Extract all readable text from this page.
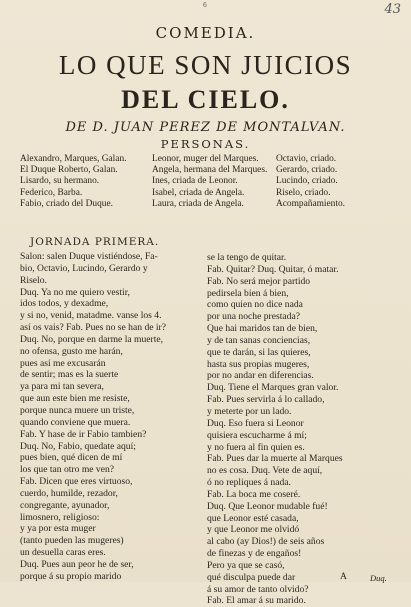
6	43
COMEDIA.
LO QUE SON JUICIOS
DEL CIELO.
DE D. JUAN PEREZ DE MONTALVAN.
PERSONAS.
Alexandro, Marques, Galan.
El Duque Roberto, Galan.
Lisardo, su hermano.
Federico, Barba.
Fabio, criado del Duque.
Leonor, muger del Marques.
Angela, hermana del Marques.
Ines, criada de Leonor.
Isabel, criada de Angela.
Laura, criada de Angela.
Octavio, criado.
Gerardo, criado.
Lucindo, criado.
Riselo, criado.
Acompañamiento.
JORNADA PRIMERA.
Salon: salen Duque vistiéndose, Fa-
bio, Octavio, Lucindo, Gerardo y
Riselo.
Duq. Ya no me quiero vestir,
idos todos, y dexadme,
y si no, venid, matadme. vanse los 4.
así os vais? Fab. Pues no se han de ir?
Duq. No, porque en darme la muerte,
no ofensa, gusto me harán,
pues así me excusarán
de sentir; mas es la suerte
ya para mi tan severa,
que aun este bien me resiste,
porque nunca muere un triste,
quando conviene que muera.
Fab. Y hase de ir Fabio tambien?
Duq. No, Fabio, quedate aquí;
pues bien, qué dicen de mí
los que tan otro me ven?
Fab. Dicen que eres virtuoso,
cuerdo, humilde, rezador,
congregante, ayunador,
limosnero, religioso:
y ya por esta muger
(tanto pueden las mugeres)
un desuella caras eres.
Duq. Pues aun peor he de ser,
porque á su propio marido
se la tengo de quitar.
Fab. Quitar? Duq. Quitar, ó matar.
Fab. No será mejor partido
pedirsela bien á bien,
como quien no dice nada
por una noche prestada?
Que hai maridos tan de bien,
y de tan sanas conciencias,
que te darán, si las quieres,
hasta sus propias mugeres,
por no andar en diferencias.
Duq. Tiene el Marques gran valor.
Fab. Pues servirla á lo callado,
y meterte por un lado.
Duq. Eso fuera si Leonor
quisiera escucharme á mí;
y no fuera al fin quien es.
Fab. Pues dar la muerte al Marques
no es cosa. Duq. Vete de aquí,
ó no repliques á nada.
Fab. La boca me coseré.
Duq. Que Leonor mudable fué!
que Leonor esté casada,
y que Leonor me olvidó
al cabo (ay Dios!) de seis años
de finezas y de engaños!
Pero ya que se casó,
qué disculpa puede dar
á su amor de tanto olvido?
Fab. El amar á su marido.
A	Duq.
